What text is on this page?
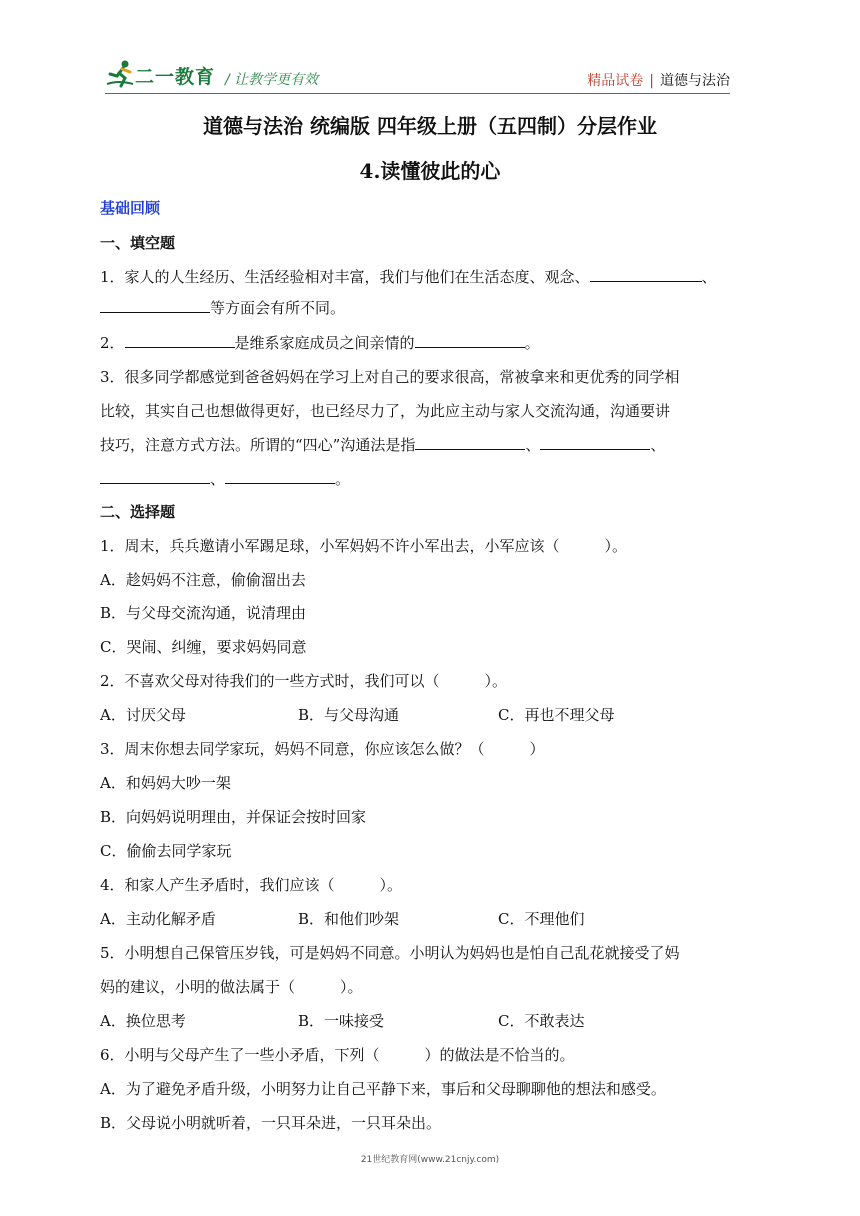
二一教育 / 让教学更有效	精品试卷 | 道德与法治
道德与法治 统编版 四年级上册（五四制）分层作业
4.读懂彼此的心
基础回顾
一、填空题
1．家人的人生经历、生活经验相对丰富，我们与他们在生活态度、观念、	、
等方面会有所不同。
2．	是维系家庭成员之间亲情的	。
3．很多同学都感觉到爸爸妈妈在学习上对自己的要求很高，常被拿来和更优秀的同学相
比较，其实自己也想做得更好，也已经尽力了，为此应主动与家人交流沟通，沟通要讲
技巧，注意方式方法。所谓的“四心”沟通法是指	、	、
、	。
二、选择题
1．周末，兵兵邀请小军踢足球，小军妈妈不许小军出去，小军应该（　　　）。
A．趁妈妈不注意，偷偷溜出去
B．与父母交流沟通，说清理由
C．哭闹、纠缠，要求妈妈同意
2．不喜欢父母对待我们的一些方式时，我们可以（　　　）。
A．讨厌父母	B．与父母沟通	C．再也不理父母
3．周末你想去同学家玩，妈妈不同意，你应该怎么做？（　　　）
A．和妈妈大吵一架
B．向妈妈说明理由，并保证会按时回家
C．偷偷去同学家玩
4．和家人产生矛盾时，我们应该（　　　）。
A．主动化解矛盾	B．和他们吵架	C．不理他们
5．小明想自己保管压岁钱，可是妈妈不同意。小明认为妈妈也是怕自己乱花就接受了妈
妈的建议，小明的做法属于（　　　）。
A．换位思考	B．一味接受	C．不敢表达
6．小明与父母产生了一些小矛盾，下列（　　　）的做法是不恰当的。
A．为了避免矛盾升级，小明努力让自己平静下来，事后和父母聊聊他的想法和感受。
B．父母说小明就听着，一只耳朵进，一只耳朵出。
21世纪教育网(www.21cnjy.com)
